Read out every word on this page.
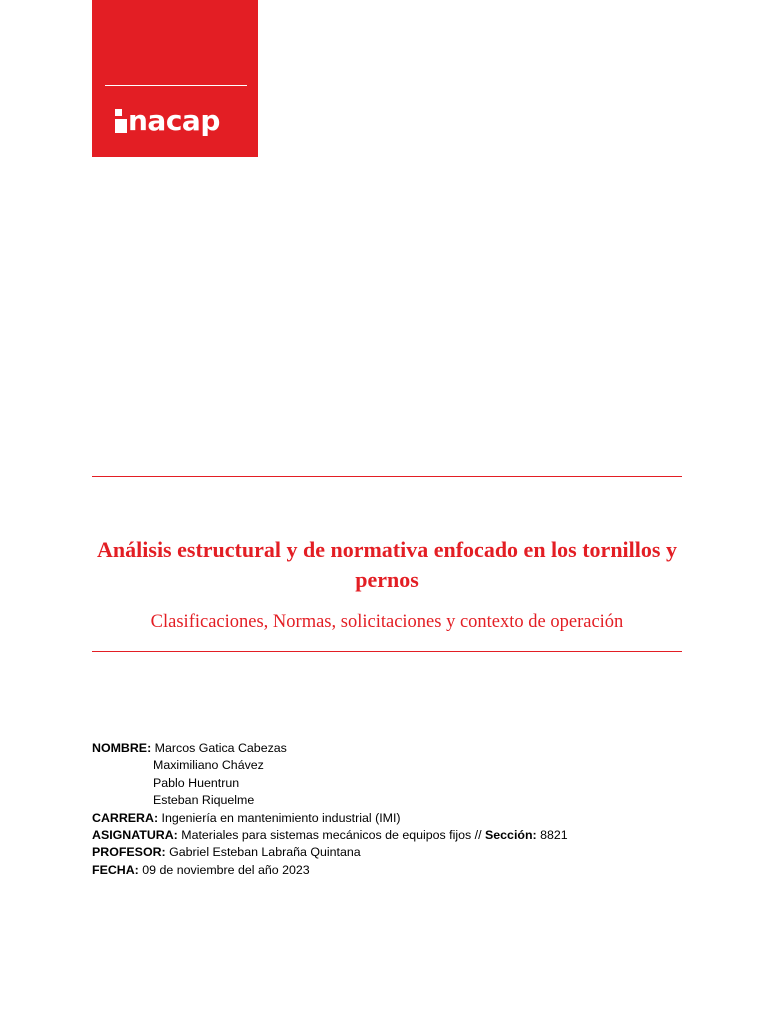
nacap
Análisis estructural y de normativa enfocado en los tornillos y pernos

Clasificaciones, Normas, solicitaciones y contexto de operación

NOMBRE: Marcos Gatica Cabezas
Maximiliano Chávez
Pablo Huentrun
Esteban Riquelme
CARRERA: Ingeniería en mantenimiento industrial (IMI)
ASIGNATURA: Materiales para sistemas mecánicos de equipos fijos // Sección: 8821
PROFESOR: Gabriel Esteban Labraña Quintana
FECHA: 09 de noviembre del año 2023
